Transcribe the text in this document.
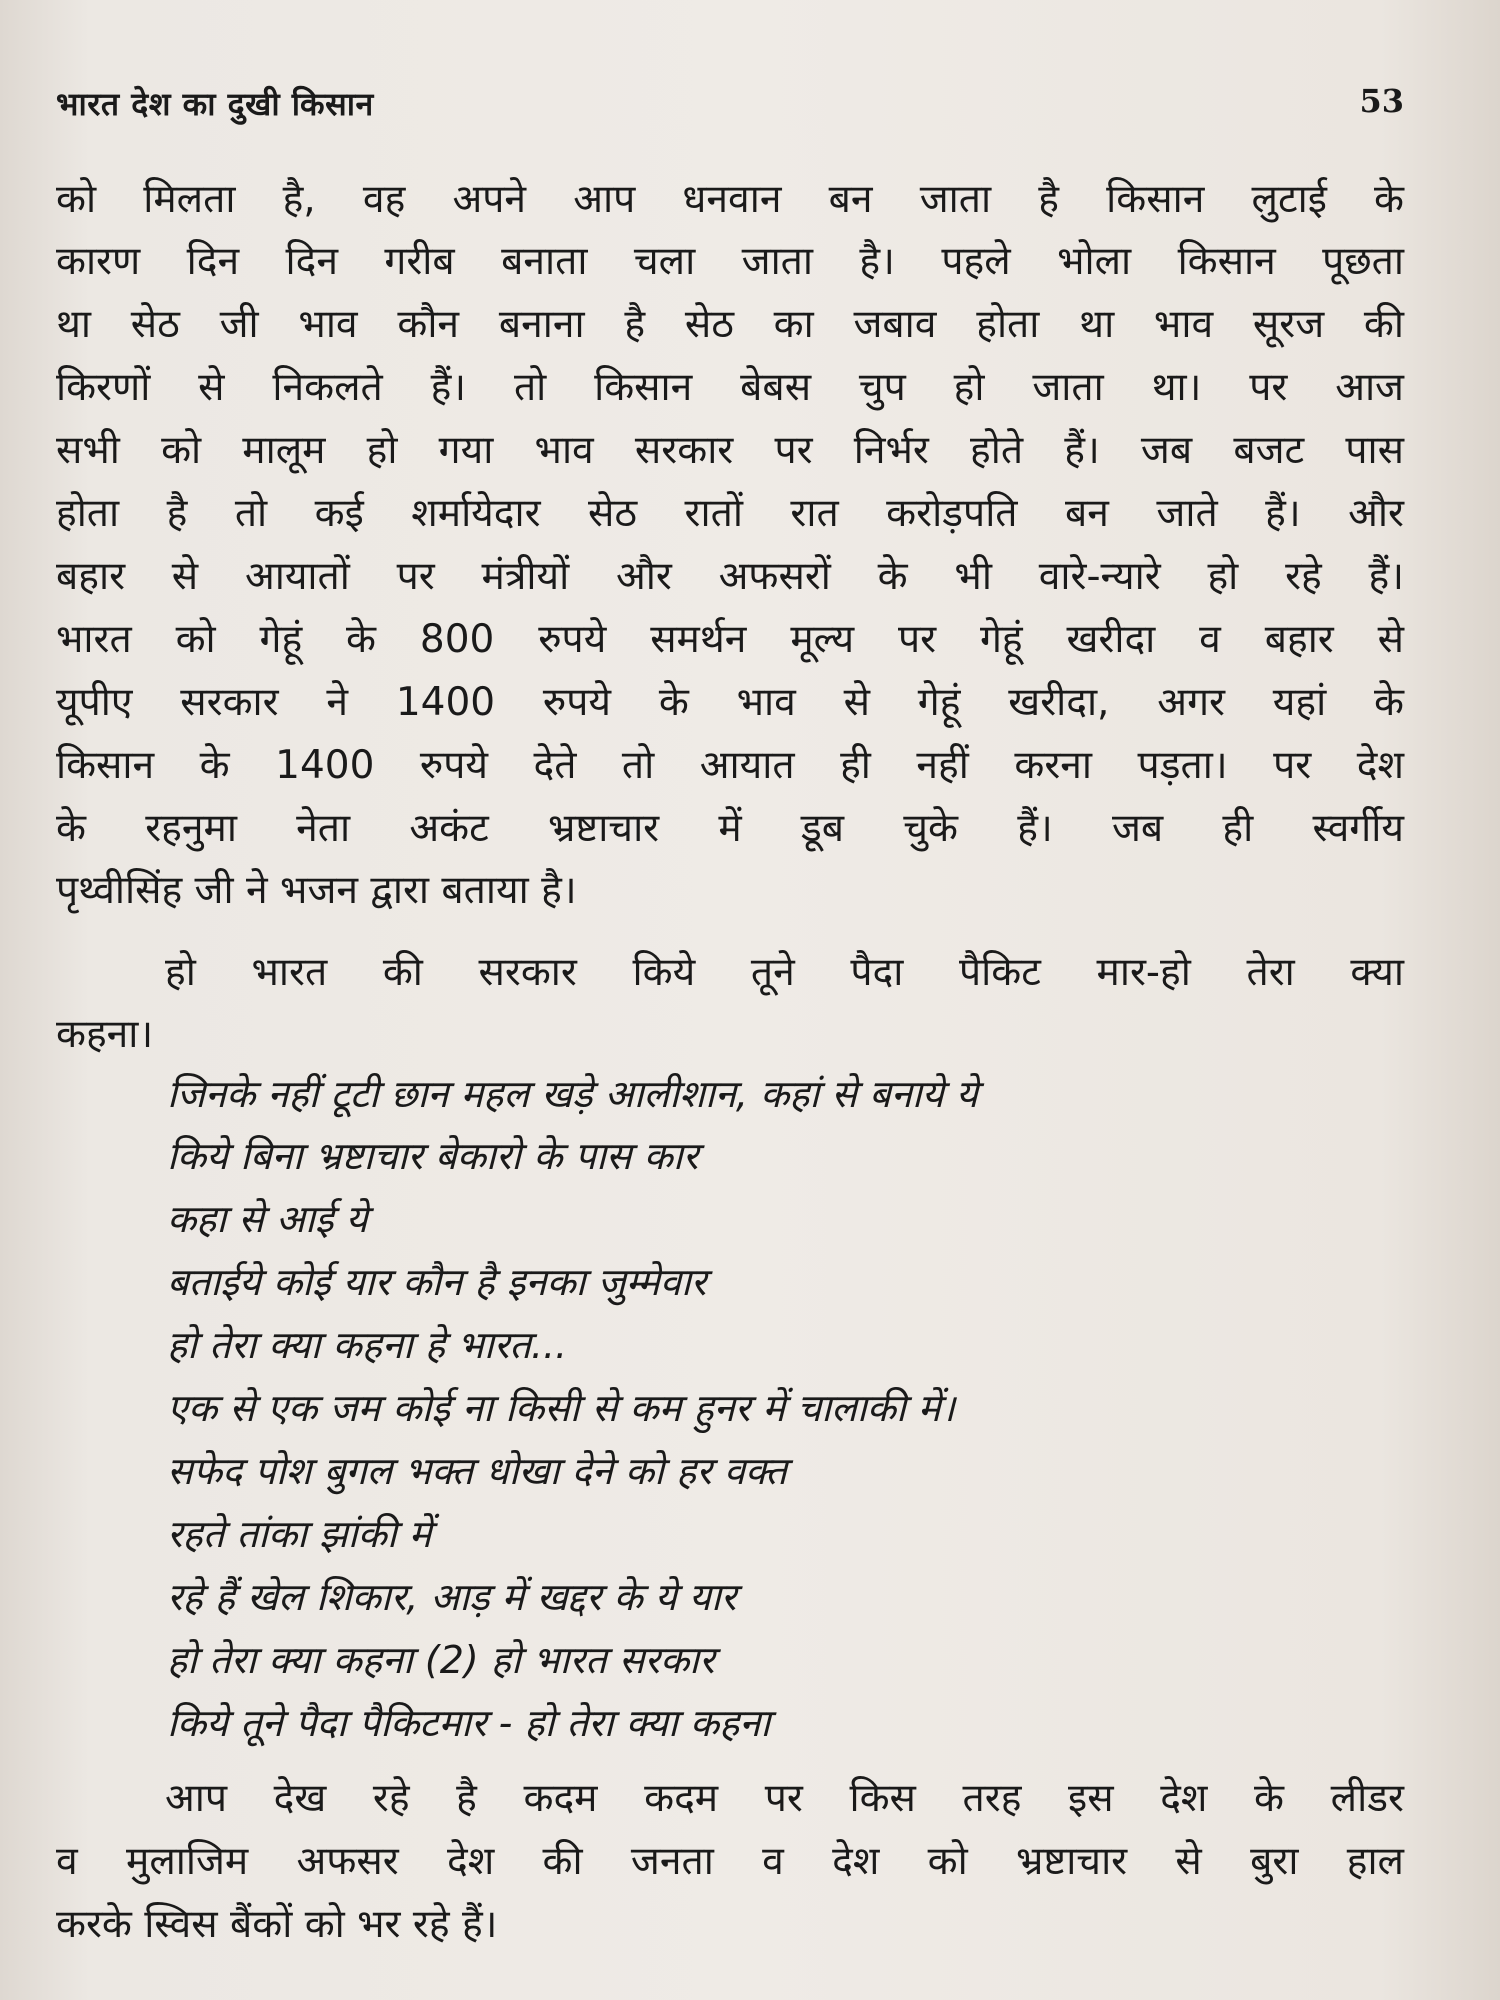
भारत देश का दुखी किसान	53
को मिलता है, वह अपने आप धनवान बन जाता है किसान लुटाई के
कारण दिन दिन गरीब बनाता चला जाता है। पहले भोला किसान पूछता
था सेठ जी भाव कौन बनाना है सेठ का जबाव होता था भाव सूरज की
किरणों से निकलते हैं। तो किसान बेबस चुप हो जाता था। पर आज
सभी को मालूम हो गया भाव सरकार पर निर्भर होते हैं। जब बजट पास
होता है तो कई शर्मायेदार सेठ रातों रात करोड़पति बन जाते हैं। और
बहार से आयातों पर मंत्रीयों और अफसरों के भी वारे-न्यारे हो रहे हैं।
भारत को गेहूं के 800 रुपये समर्थन मूल्य पर गेहूं खरीदा व बहार से
यूपीए सरकार ने 1400 रुपये के भाव से गेहूं खरीदा, अगर यहां के
किसान के 1400 रुपये देते तो आयात ही नहीं करना पड़ता। पर देश
के रहनुमा नेता अकंट भ्रष्टाचार में डूब चुके हैं। जब ही स्वर्गीय
पृथ्वीसिंह जी ने भजन द्वारा बताया है।
हो भारत की सरकार किये तूने पैदा पैकिट मार-हो तेरा क्या
कहना।
जिनके नहीं टूटी छान महल खड़े आलीशान, कहां से बनाये ये
किये बिना भ्रष्टाचार बेकारो के पास कार
कहा से आई ये
बताईये कोई यार कौन है इनका जुम्मेवार
हो तेरा क्या कहना हे भारत...
एक से एक जम कोई ना किसी से कम हुनर में चालाकी में।
सफेद पोश बुगल भक्त धोखा देने को हर वक्त
रहते तांका झांकी में
रहे हैं खेल शिकार, आड़ में खद्दर के ये यार
हो तेरा क्या कहना (2) हो भारत सरकार
किये तूने पैदा पैकिटमार - हो तेरा क्या कहना
आप देख रहे है कदम कदम पर किस तरह इस देश के लीडर
व मुलाजिम अफसर देश की जनता व देश को भ्रष्टाचार से बुरा हाल
करके स्विस बैंकों को भर रहे हैं।
